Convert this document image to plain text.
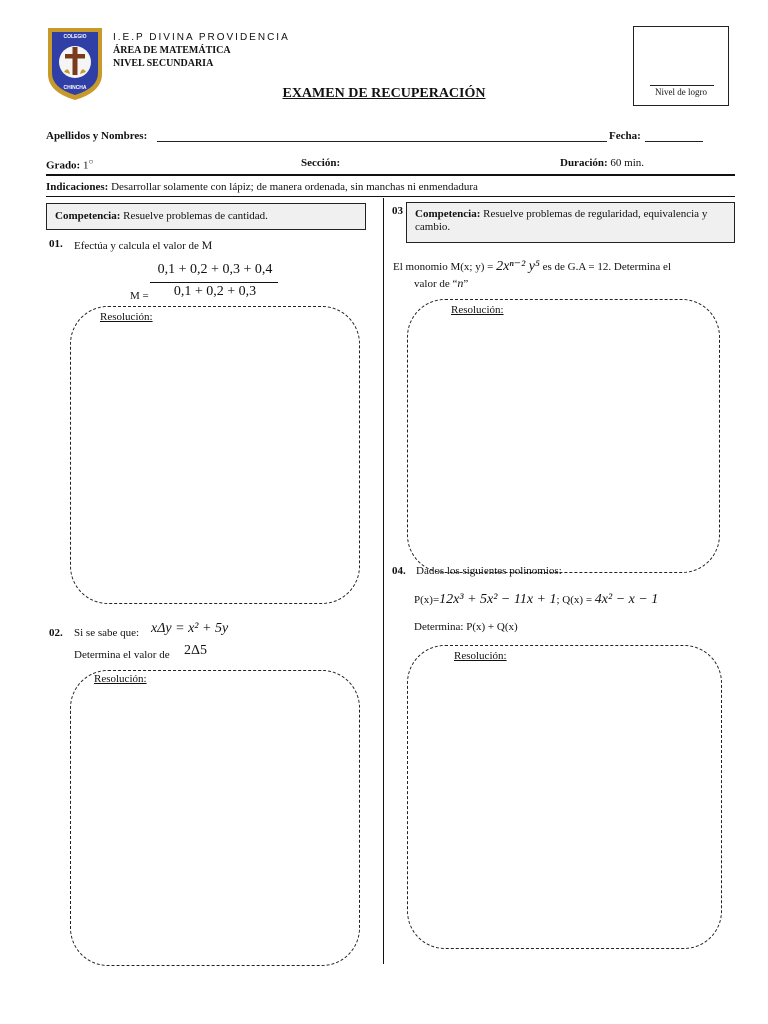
COLEGIO
CHINCHA
I.E.P DIVINA PROVIDENCIA
ÁREA DE MATEMÁTICA
NIVEL SECUNDARIA
Nivel de logro
EXAMEN DE RECUPERACIÓN
Apellidos y Nombres:	Fecha:
Grado: 1○	Sección:	Duración: 60 min.
Indicaciones: Desarrollar solamente con lápiz; de manera ordenada, sin manchas ni enmendadura
Competencia: Resuelve problemas de cantidad.
01. Efectúa y calcula el valor de M
0,1 + 0,2 + 0,3 + 0,4
0,1 + 0,2 + 0,3
M =
Resolución:
02. Si se sabe que: xΔy = x² + 5y
Determina el valor de 2Δ5
Resolución:
03	Competencia: Resuelve problemas de regularidad, equivalencia y cambio.
El monomio M(x; y) = 2xⁿ⁻² y⁵ es de G.A = 12. Determina el
valor de “n”
Resolución:
04. Dados los siguientes polinomios:
P(x)=12x³ + 5x² − 11x + 1; Q(x) = 4x² − x − 1
Determina: P(x) + Q(x)
Resolución:
